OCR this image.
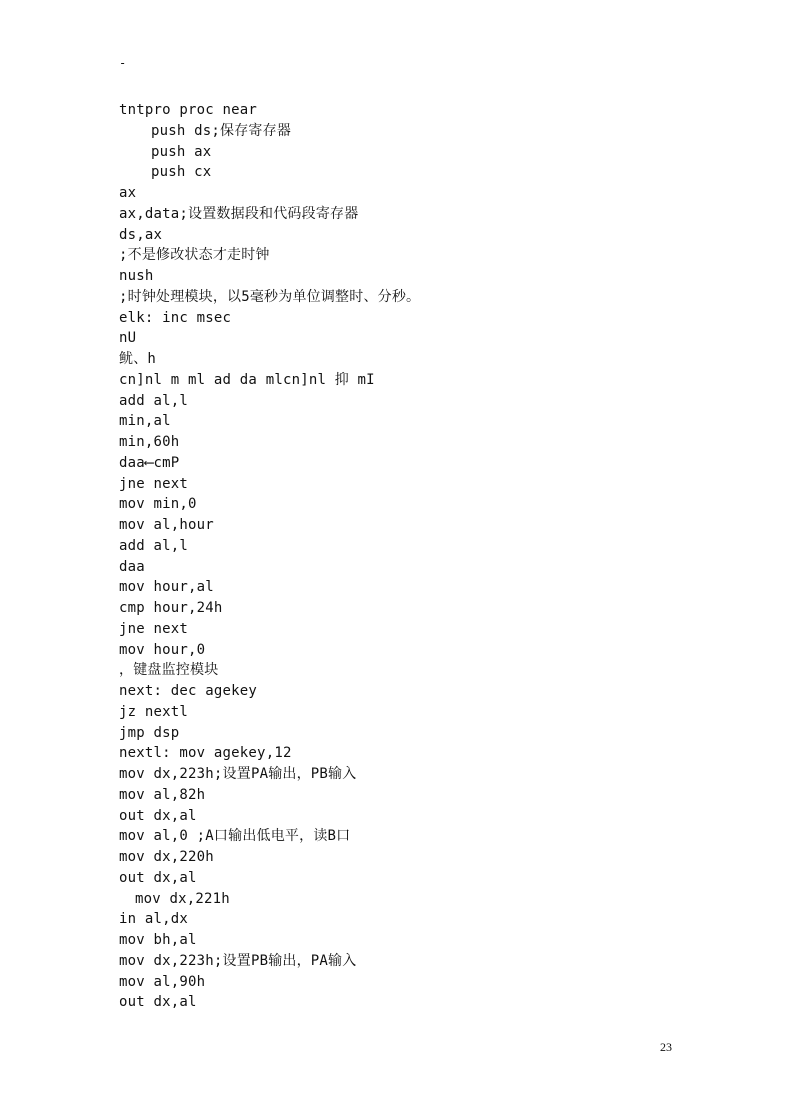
-
tntpro proc near
push ds;保存寄存器
push ax
push cx
ax
ax,data;设置数据段和代码段寄存器
ds,ax
;不是修改状态才走时钟
nush
;时钟处理模块，以5毫秒为单位调整时、分秒。
elk: inc msec
nU
鱿、h
cn]nl m ml ad da mlcn]nl 抑 mI
add al,l
min,al
min,60h
daa⟵cmP
jne next
mov min,0
mov al,hour
add al,l
daa
mov hour,al
cmp hour,24h
jne next
mov hour,0
，键盘监控模块
next: dec agekey
jz nextl
jmp dsp
nextl: mov agekey,12
mov dx,223h;设置PA输出，PB输入
mov al,82h
out dx,al
mov al,0 ;A口输出低电平，读B口
mov dx,220h
out dx,al
mov dx,221h
in al,dx
mov bh,al
mov dx,223h;设置PB输出，PA输入
mov al,90h
out dx,al
23
